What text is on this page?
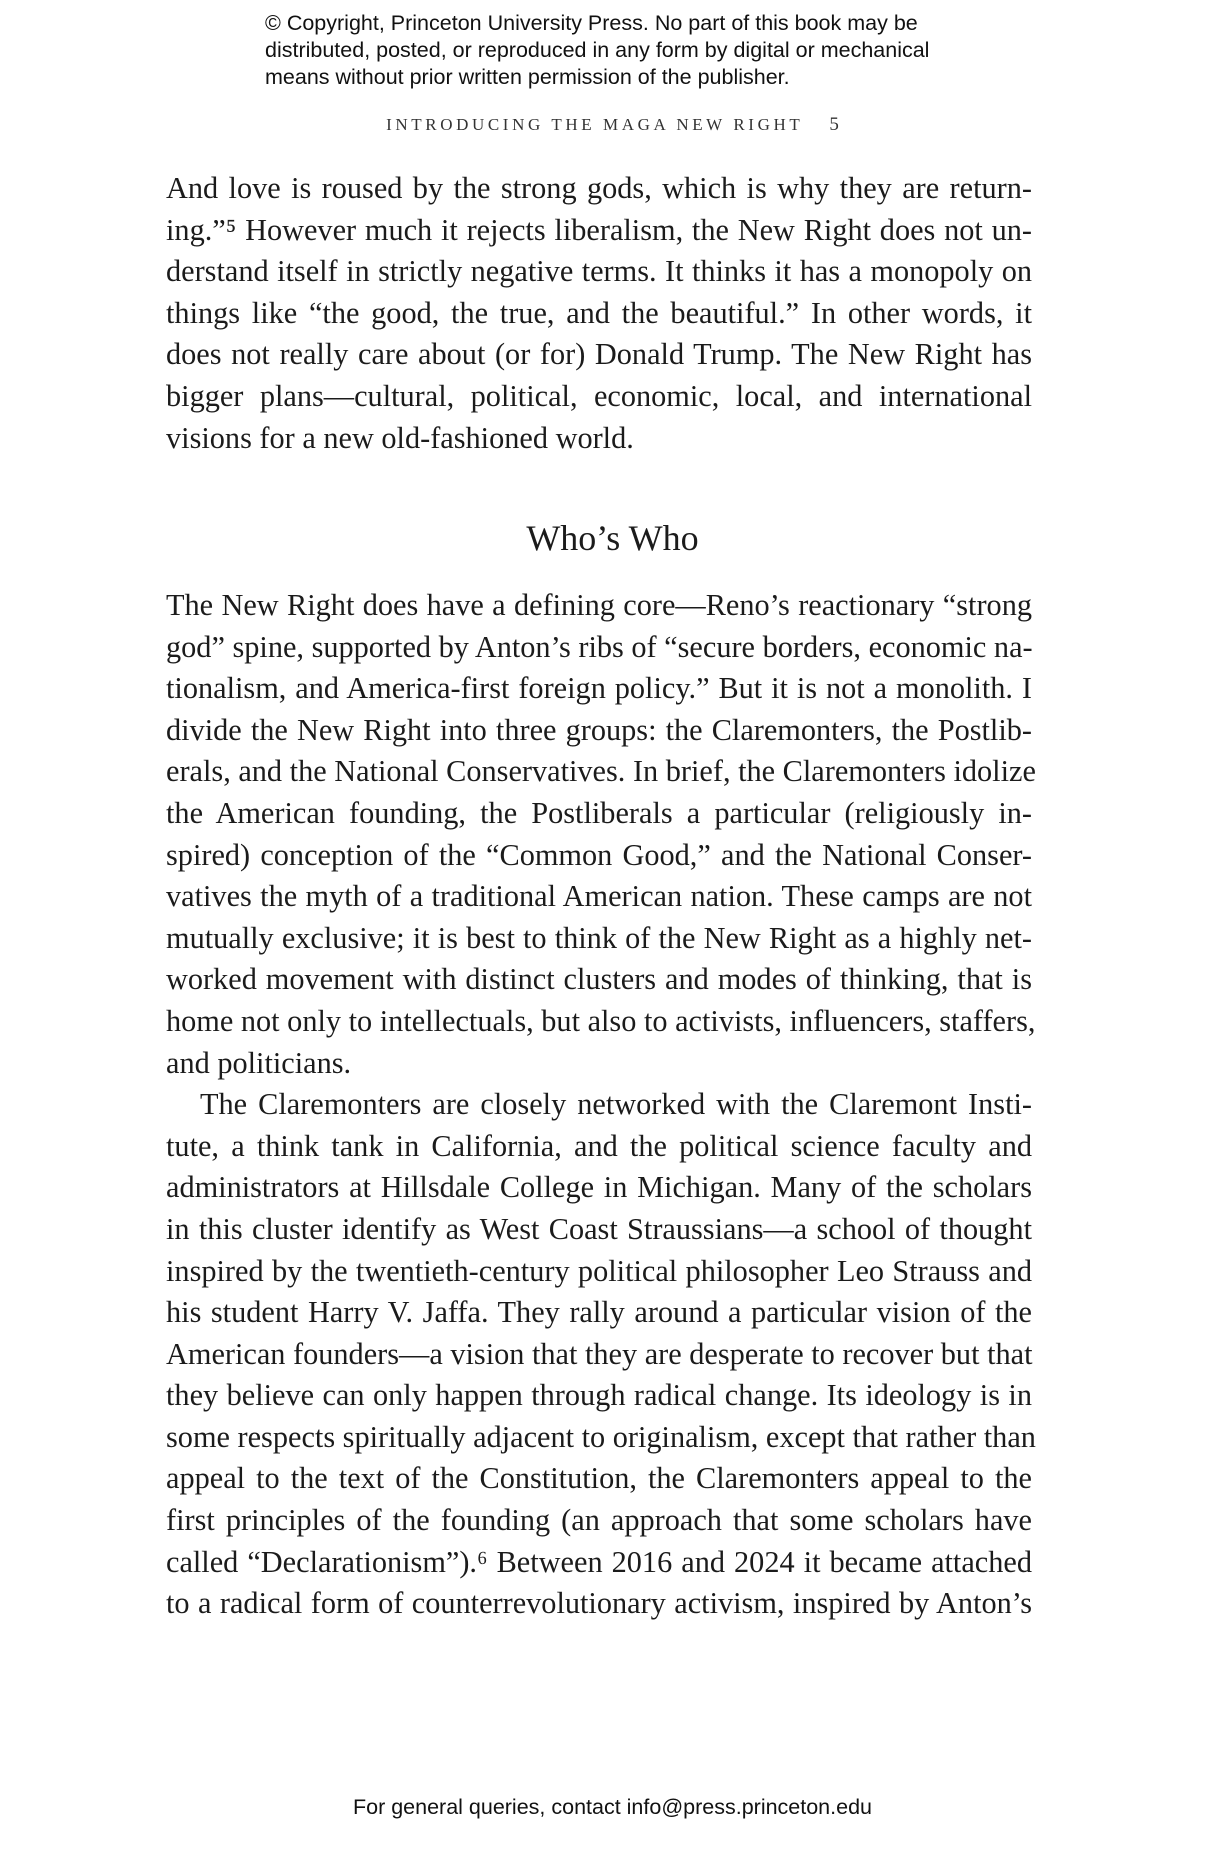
© Copyright, Princeton University Press. No part of this book may be
distributed, posted, or reproduced in any form by digital or mechanical
means without prior written permission of the publisher.
INTRODUCING THE MAGA NEW RIGHT 5
And love is roused by the strong gods, which is why they are return-
ing.”⁵ However much it rejects liberalism, the New Right does not un-
derstand itself in strictly negative terms. It thinks it has a monopoly on
things like “the good, the true, and the beautiful.” In other words, it
does not really care about (or for) Donald Trump. The New Right has
bigger plans—cultural, political, economic, local, and international
visions for a new old-fashioned world.
Who’s Who
The New Right does have a defining core—Reno’s reactionary “strong
god” spine, supported by Anton’s ribs of “secure borders, economic na-
tionalism, and America-first foreign policy.” But it is not a monolith. I
divide the New Right into three groups: the Claremonters, the Postlib-
erals, and the National Conservatives. In brief, the Claremonters idolize
the American founding, the Postliberals a particular (religiously in-
spired) conception of the “Common Good,” and the National Conser-
vatives the myth of a traditional American nation. These camps are not
mutually exclusive; it is best to think of the New Right as a highly net-
worked movement with distinct clusters and modes of thinking, that is
home not only to intellectuals, but also to activists, influencers, staffers,
and politicians.
The Claremonters are closely networked with the Claremont Insti-
tute, a think tank in California, and the political science faculty and
administrators at Hillsdale College in Michigan. Many of the scholars
in this cluster identify as West Coast Straussians—a school of thought
inspired by the twentieth-century political philosopher Leo Strauss and
his student Harry V. Jaffa. They rally around a particular vision of the
American founders—a vision that they are desperate to recover but that
they believe can only happen through radical change. Its ideology is in
some respects spiritually adjacent to originalism, except that rather than
appeal to the text of the Constitution, the Claremonters appeal to the
first principles of the founding (an approach that some scholars have
called “Declarationism”).⁶ Between 2016 and 2024 it became attached
to a radical form of counterrevolutionary activism, inspired by Anton’s
For general queries, contact info@press.princeton.edu
